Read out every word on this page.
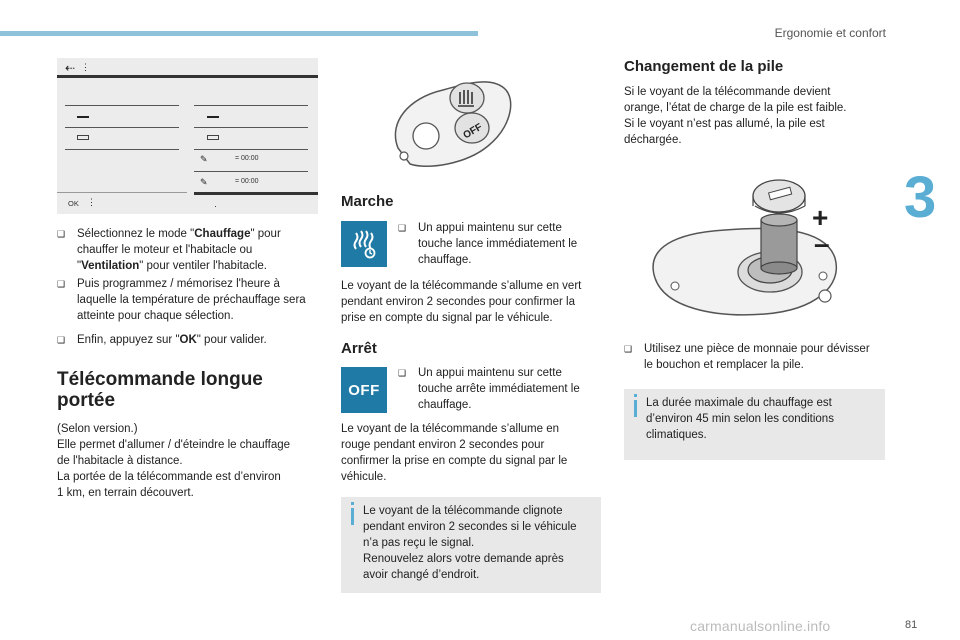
Ergonomie et confort
3
81
carmanualsonline.info
⇠ ⋮
✎	= 00:00
✎	= 00:00
OK ⋮	·
❑	Sélectionnez le mode "Chauffage" pour chauffer le moteur et l'habitacle ou "Ventilation" pour ventiler l'habitacle.
❑	Puis programmez / mémorisez l'heure à laquelle la température de préchauffage sera atteinte pour chaque sélection.
❑	Enfin, appuyez sur "OK" pour valider.
Télécommande longue
portée
(Selon version.)
Elle permet d'allumer / d'éteindre le chauffage
de l'habitacle à distance.
La portée de la télécommande est d’environ
1 km, en terrain découvert.
OFF
Marche
❑ Un appui maintenu sur cette
touche lance immédiatement le
chauffage.
Le voyant de la télécommande s’allume en vert
pendant environ 2 secondes pour confirmer la
prise en compte du signal par le véhicule.
Arrêt
OFF
❑ Un appui maintenu sur cette
touche arrête immédiatement le
chauffage.
Le voyant de la télécommande s’allume en
rouge pendant environ 2 secondes pour
confirmer la prise en compte du signal par le
véhicule.
Le voyant de la télécommande clignote
pendant environ 2 secondes si le véhicule
n’a pas reçu le signal.
Renouvelez alors votre demande après
avoir changé d’endroit.
Changement de la pile
Si le voyant de la télécommande devient
orange, l’état de charge de la pile est faible.
Si le voyant n’est pas allumé, la pile est
déchargée.
+
–
❑ Utilisez une pièce de monnaie pour dévisser
le bouchon et remplacer la pile.
La durée maximale du chauffage est
d’environ 45 min selon les conditions
climatiques.
